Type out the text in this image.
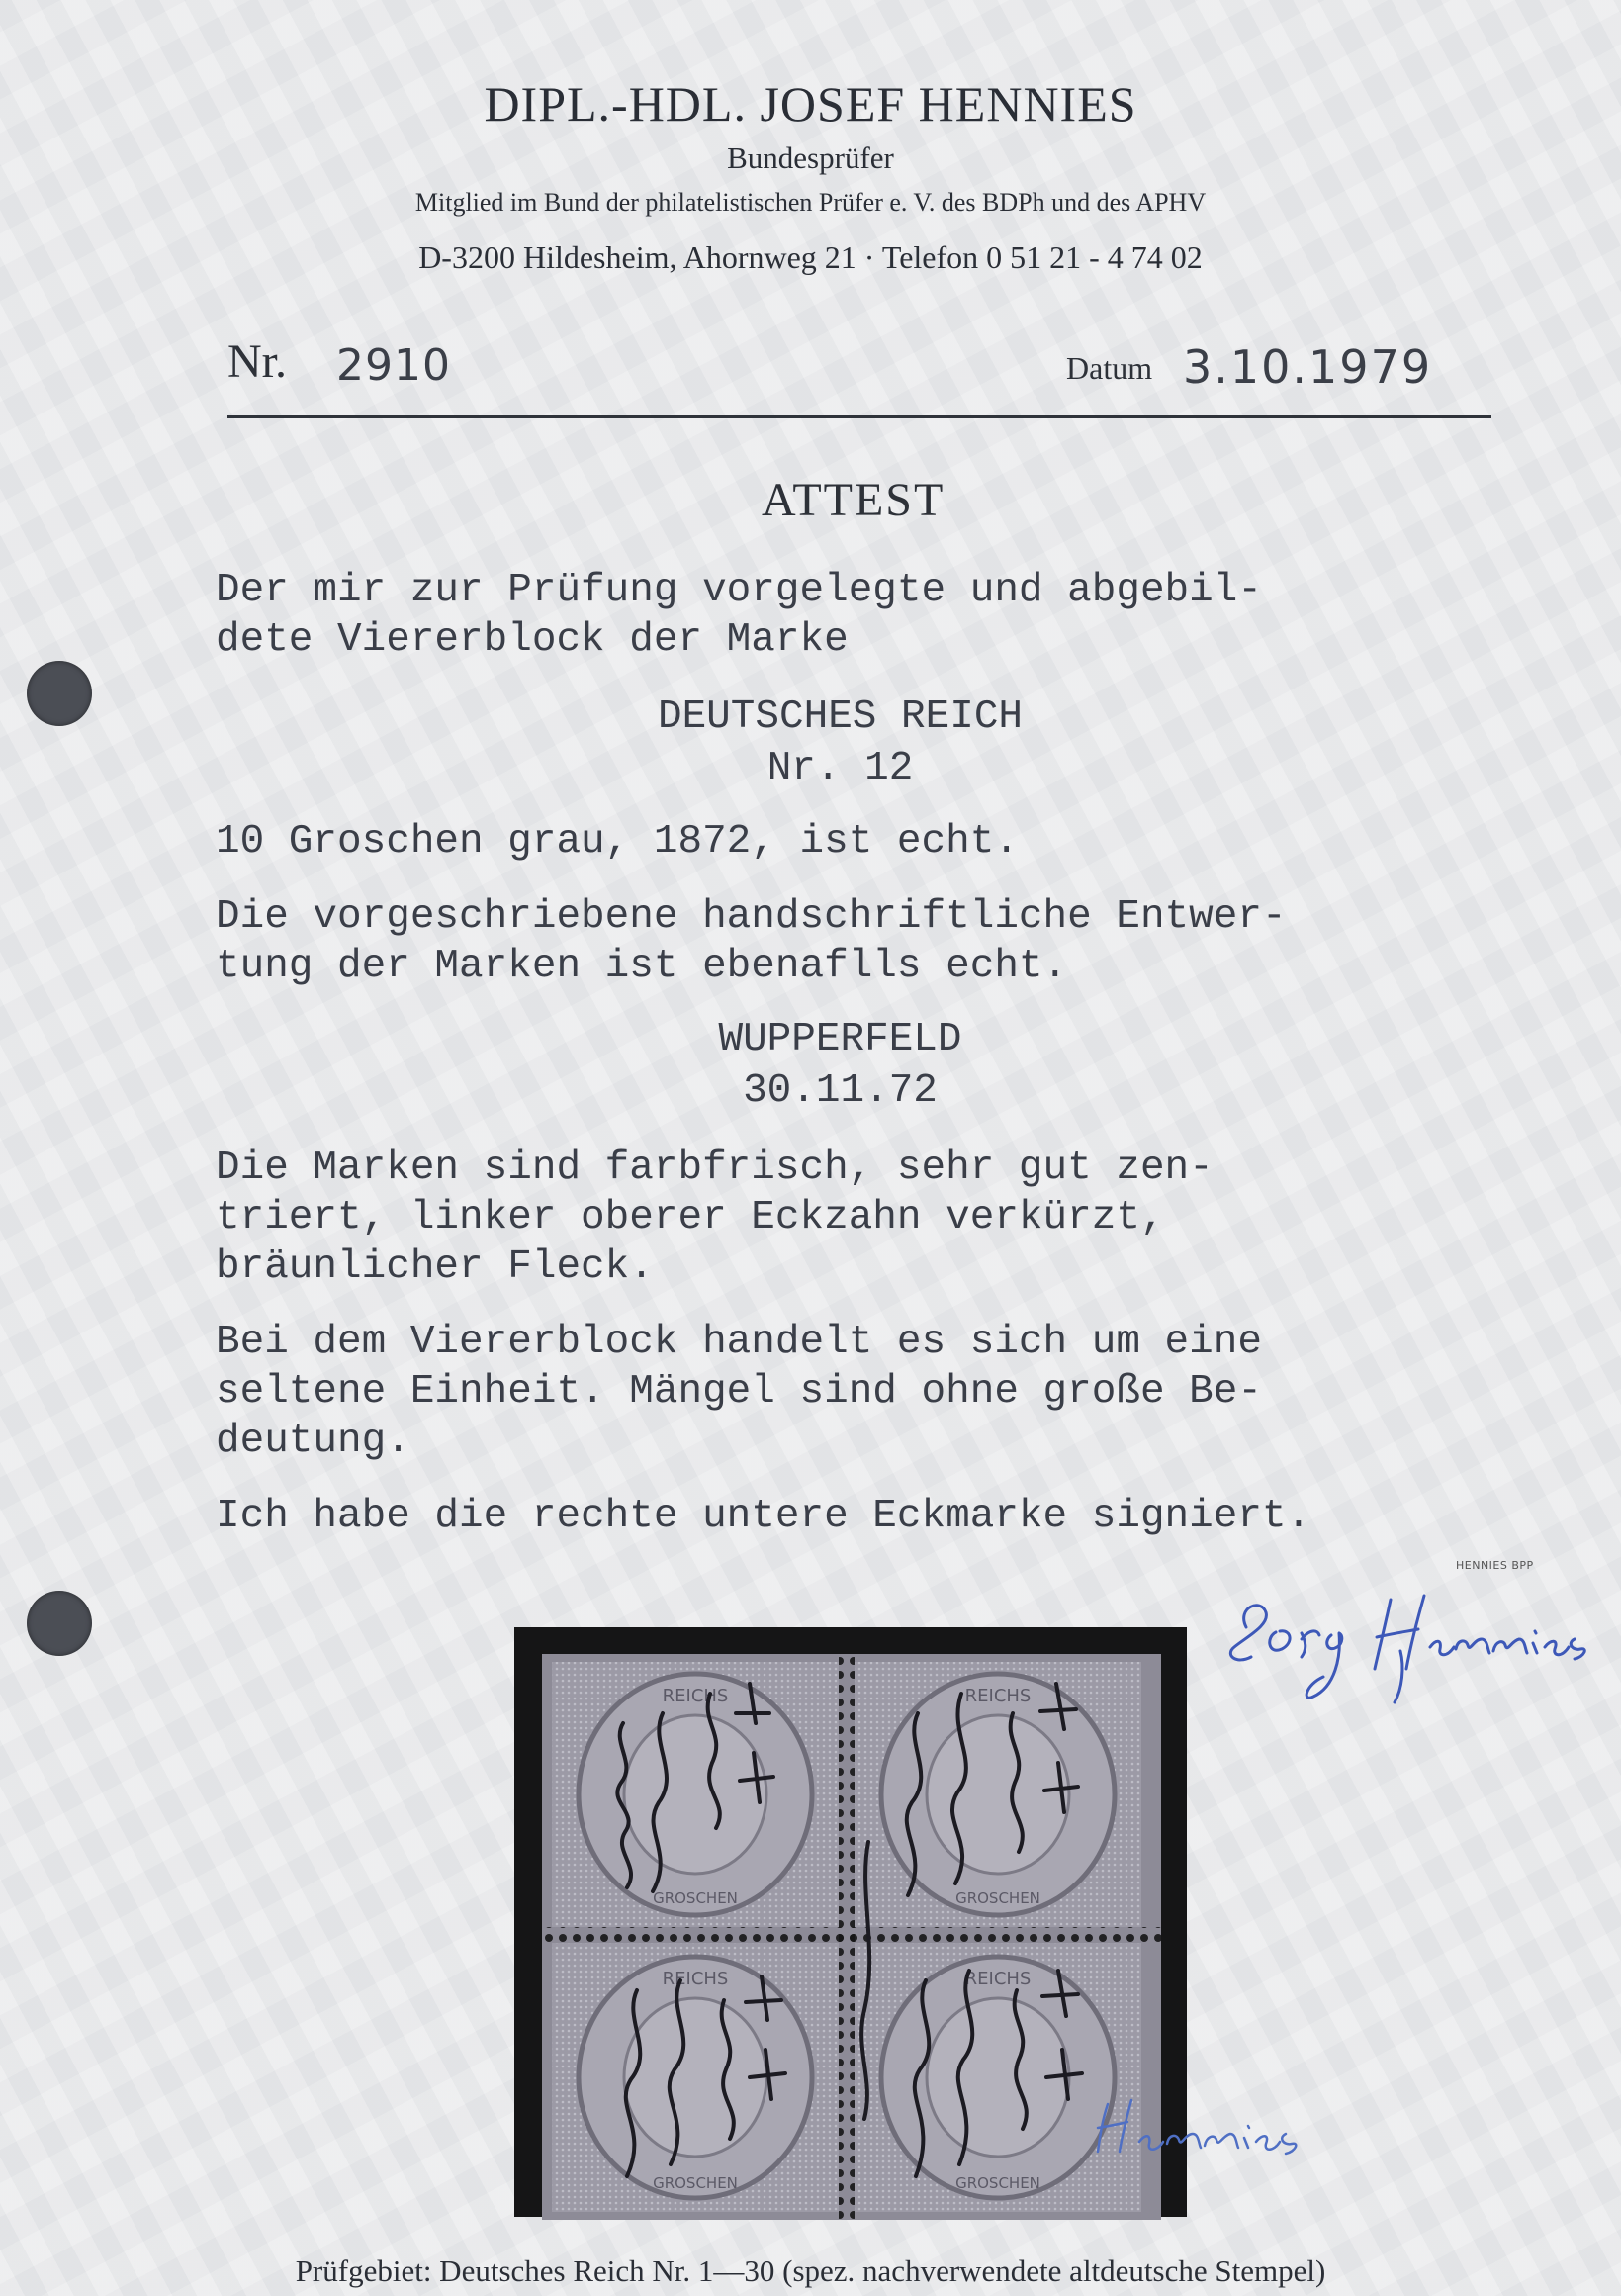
DIPL.-HDL. JOSEF HENNIES
Bundesprüfer
Mitglied im Bund der philatelistischen Prüfer e. V. des BDPh und des APHV
D-3200 Hildesheim, Ahornweg 21 · Telefon 0 51 21 - 4 74 02
Nr. 2910	Datum 3.10.1979
ATTEST
Der mir zur Prüfung vorgelegte und abgebil-
dete Viererblock der Marke
DEUTSCHES REICH
Nr. 12
10 Groschen grau, 1872, ist echt.
Die vorgeschriebene handschriftliche Entwer-
tung der Marken ist ebenaflls echt.
WUPPERFELD
30.11.72
Die Marken sind farbfrisch, sehr gut zen-
triert, linker oberer Eckzahn verkürzt,
bräunlicher Fleck.
Bei dem Viererblock handelt es sich um eine
seltene Einheit. Mängel sind ohne große Be-
deutung.
Ich habe die rechte untere Eckmarke signiert.
HENNIES BPP
REICHS
GROSCHEN
REICHS
GROSCHEN
REICHS
GROSCHEN
REICHS
GROSCHEN
Prüfgebiet: Deutsches Reich Nr. 1—30 (spez. nachverwendete altdeutsche Stempel)
